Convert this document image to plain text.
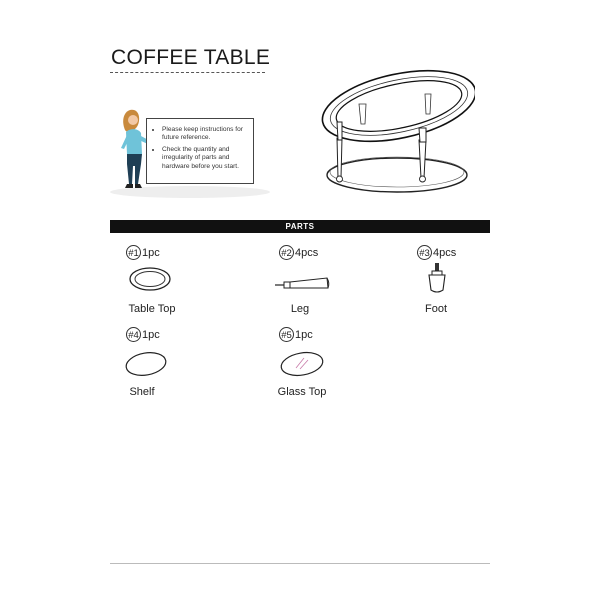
COFFEE TABLE
• Please keep instructions for future reference.
• Check the quantity and irregularity of parts and hardware before you start.
PARTS
#1 1pc
Table Top
#2 4pcs
Leg
#3 4pcs
Foot
#4 1pc
Shelf
#5 1pc
Glass Top
